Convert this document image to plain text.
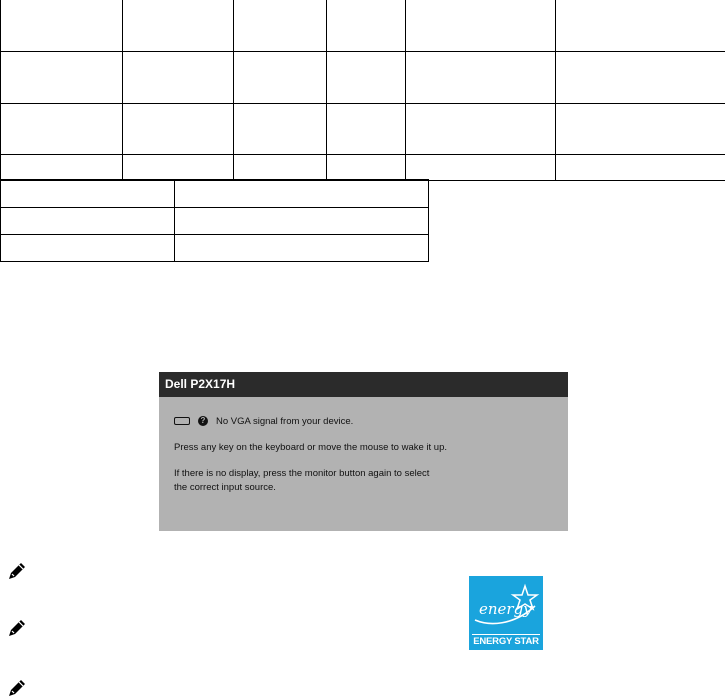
Dell P2X17H
? No VGA signal from your device.
Press any key on the keyboard or move the mouse to wake it up.
If there is no display, press the monitor button again to select
the correct input source.
energy
ENERGY STAR
